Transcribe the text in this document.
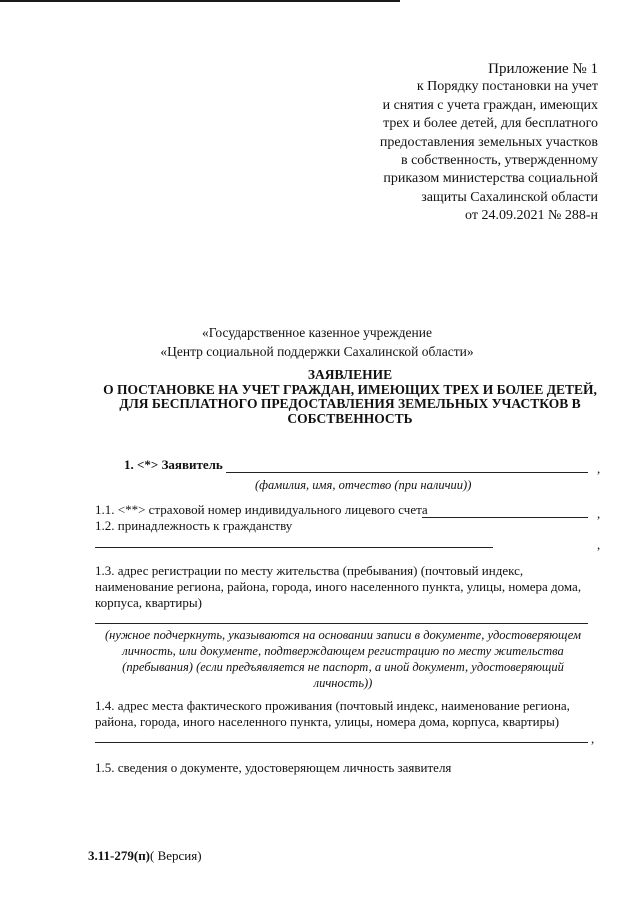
Приложение № 1
к Порядку постановки на учет
и снятия с учета граждан, имеющих
трех и более детей, для бесплатного
предоставления земельных участков
в собственность, утвержденному
приказом министерства социальной
защиты Сахалинской области
от 24.09.2021 № 288-н
«Государственное казенное учреждение
«Центр социальной поддержки Сахалинской области»
ЗАЯВЛЕНИЕ
О ПОСТАНОВКЕ НА УЧЕТ ГРАЖДАН, ИМЕЮЩИХ ТРЕХ И БОЛЕЕ ДЕТЕЙ,
ДЛЯ БЕСПЛАТНОГО ПРЕДОСТАВЛЕНИЯ ЗЕМЕЛЬНЫХ УЧАСТКОВ В
СОБСТВЕННОСТЬ
1. <*> Заявитель	,
(фамилия, имя, отчество (при наличии))
1.1. <**> страховой номер индивидуального лицевого счета	,
1.2. принадлежность к гражданству
,
1.3. адрес регистрации по месту жительства (пребывания) (почтовый индекс,
наименование региона, района, города, иного населенного пункта, улицы, номера дома,
корпуса, квартиры)
(нужное подчеркнуть, указываются на основании записи в документе, удостоверяющем
личность, или документе, подтверждающем регистрацию по месту жительства
(пребывания) (если предъявляется не паспорт, а иной документ, удостоверяющий
личность))
1.4. адрес места фактического проживания (почтовый индекс, наименование региона,
района, города, иного населенного пункта, улицы, номера дома, корпуса, квартиры)
,
1.5. сведения о документе, удостоверяющем личность заявителя
3.11-279(п)( Версия)
